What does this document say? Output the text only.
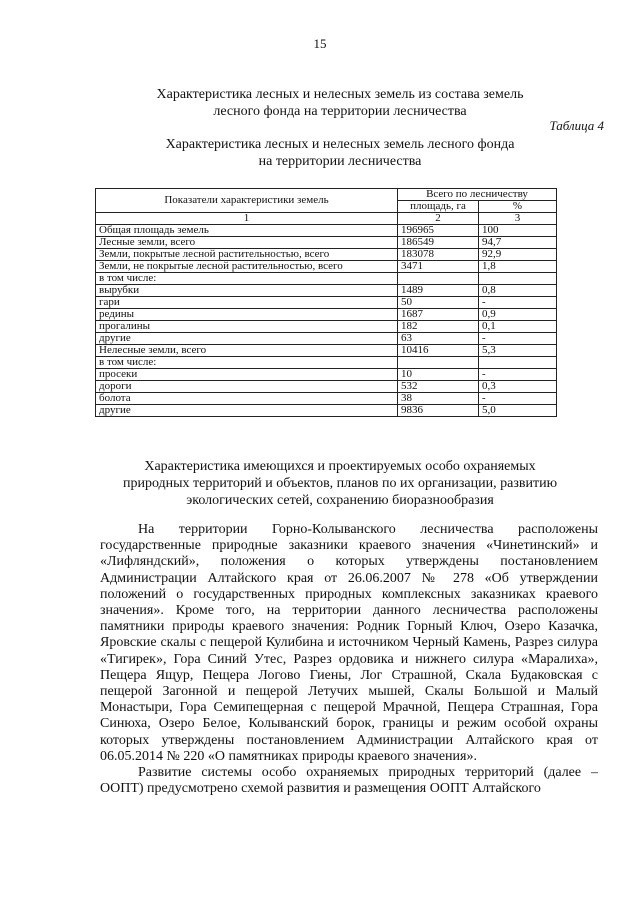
15
Характеристика лесных и нелесных земель из состава земель
лесного фонда на территории лесничества
Таблица 4
Характеристика лесных и нелесных земель лесного фонда
на территории лесничества
Показатели характеристики земель	Всего по лесничеству	
	площадь, га	%
1	2	3
Общая площадь земель	196965	100
Лесные земли, всего	186549	94,7
Земли, покрытые лесной растительностью, всего	183078	92,9
Земли, не покрытые лесной растительностью, всего	3471	1,8
в том числе:		
вырубки	1489	0,8
гари	50	-
редины	1687	0,9
прогалины	182	0,1
другие	63	-
Нелесные земли, всего	10416	5,3
в том числе:		
просеки	10	-
дороги	532	0,3
болота	38	-
другие	9836	5,0
Характеристика имеющихся и проектируемых особо охраняемых
природных территорий и объектов, планов по их организации, развитию
экологических сетей, сохранению биоразнообразия

На территории Горно-Колыванского лесничества расположены государственные природные заказники краевого значения «Чинетинский» и «Лифляндский», положения о которых утверждены постановлением Администрации Алтайского края от 26.06.2007 № 278 «Об утверждении положений о государственных природных комплексных заказниках краевого значения». Кроме того, на территории данного лесничества расположены памятники природы краевого значения: Родник Горный Ключ, Озеро Казачка, Яровские скалы с пещерой Кулибина и источником Черный Камень, Разрез силура «Тигирек», Гора Синий Утес, Разрез ордовика и нижнего силура «Маралиха», Пещера Ящур, Пещера Логово Гиены, Лог Страшной, Скала Будаковская с пещерой Загонной и пещерой Летучих мышей, Скалы Большой и Малый Монастыри, Гора Семипещерная с пещерой Мрачной, Пещера Страшная, Гора Синюха, Озеро Белое, Колыванский борок, границы и режим особой охраны которых утверждены постановлением Администрации Алтайского края от 06.05.2014 № 220 «О памятниках природы краевого значения».

Развитие системы особо охраняемых природных территорий (далее – ООПТ) предусмотрено схемой развития и размещения ООПТ Алтайского
